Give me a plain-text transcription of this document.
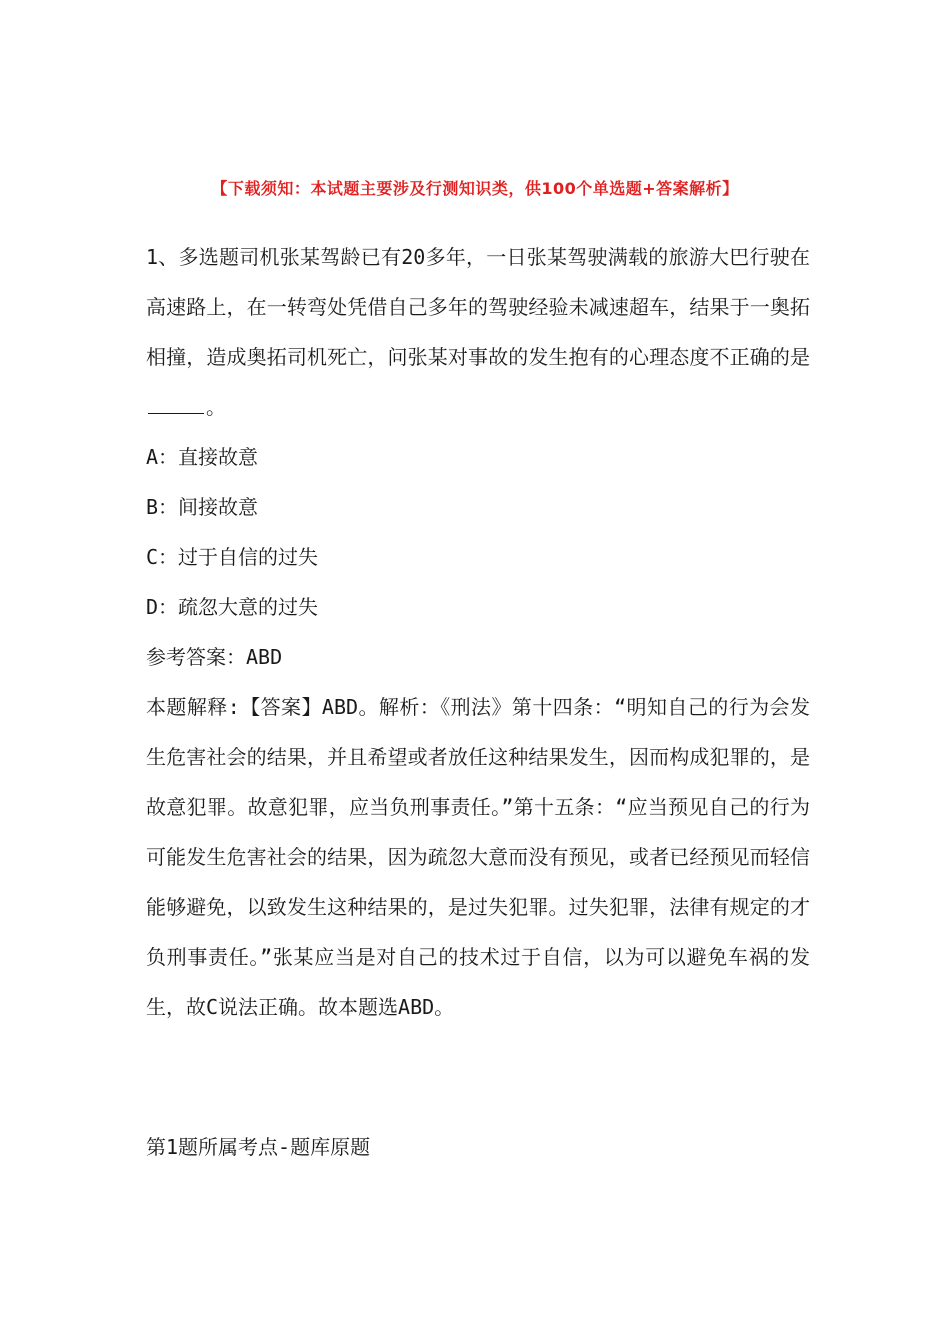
【下载须知：本试题主要涉及行测知识类，供100个单选题+答案解析】

1、多选题司机张某驾龄已有20多年，一日张某驾驶满载的旅游大巴行驶在高速路上，在一转弯处凭借自己多年的驾驶经验未减速超车，结果于一奥拓相撞，造成奥拓司机死亡，问张某对事故的发生抱有的心理态度不正确的是。

A：直接故意

B：间接故意

C：过于自信的过失

D：疏忽大意的过失

参考答案：ABD

本题解释:【答案】ABD。解析：《刑法》第十四条：“明知自己的行为会发生危害社会的结果，并且希望或者放任这种结果发生，因而构成犯罪的，是故意犯罪。故意犯罪，应当负刑事责任。”第十五条：“应当预见自己的行为可能发生危害社会的结果，因为疏忽大意而没有预见，或者已经预见而轻信能够避免，以致发生这种结果的，是过失犯罪。过失犯罪，法律有规定的才负刑事责任。”张某应当是对自己的技术过于自信，以为可以避免车祸的发生，故C说法正确。故本题选ABD。

第1题所属考点-题库原题
